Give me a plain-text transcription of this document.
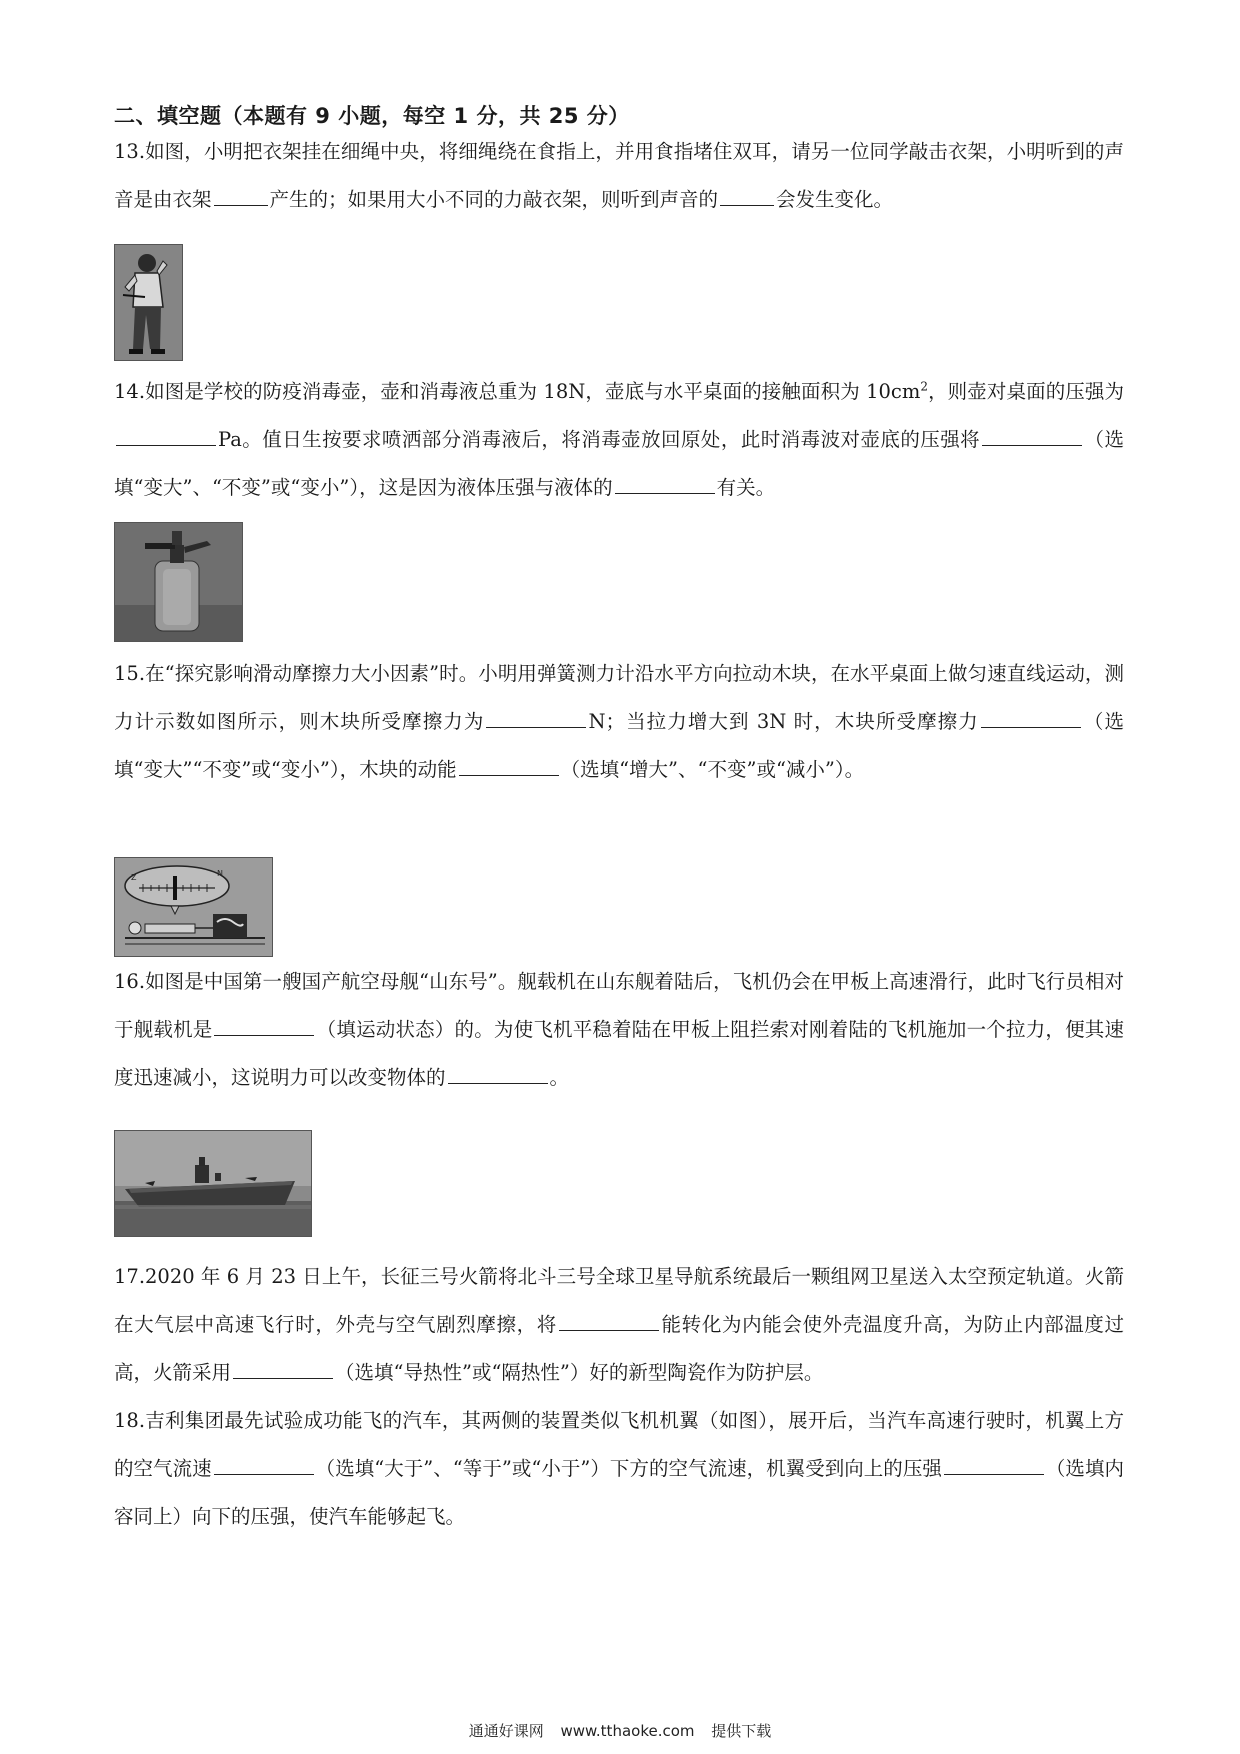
二、填空题（本题有 9 小题，每空 1 分，共 25 分）
13.如图，小明把衣架挂在细绳中央，将细绳绕在食指上，并用食指堵住双耳，请另一位同学敲击衣架，小明听到的声音是由衣架	产生的；如果用大小不同的力敲衣架，则听到声音的	会发生变化。
14.如图是学校的防疫消毒壶，壶和消毒液总重为 18N，壶底与水平桌面的接触面积为 $10cm^2$，则壶对桌面的压强为Pa。值日生按要求喷洒部分消毒液后，将消毒壶放回原处，此时消毒波对壶底的压强将	（选填“变大”、“不变”或“变小”），这是因为液体压强与液体的	有关。
15.在“探究影响滑动摩擦力大小因素”时。小明用弹簧测力计沿水平方向拉动木块，在水平桌面上做匀速直线运动，测力计示数如图所示，则木块所受摩擦力为	N；当拉力增大到 3N 时，木块所受摩擦力	（选填“变大”“不变”或“变小”），木块的动能	（选填“增大”、“不变”或“减小”）。
Z	N
16.如图是中国第一艘国产航空母舰“山东号”。舰载机在山东舰着陆后，飞机仍会在甲板上高速滑行，此时飞行员相对于舰载机是	（填运动状态）的。为使飞机平稳着陆在甲板上阻拦索对刚着陆的飞机施加一个拉力，便其速度迅速减小，这说明力可以改变物体的	。
17.2020 年 6 月 23 日上午，长征三号火箭将北斗三号全球卫星导航系统最后一颗组网卫星送入太空预定轨道。火箭在大气层中高速飞行时，外壳与空气剧烈摩擦，将	能转化为内能会使外壳温度升高，为防止内部温度过高，火箭采用	（选填“导热性”或“隔热性”）好的新型陶瓷作为防护层。
18.吉利集团最先试验成功能飞的汽车，其两侧的装置类似飞机机翼（如图），展开后，当汽车高速行驶时，机翼上方的空气流速	（选填“大于”、“等于”或“小于”）下方的空气流速，机翼受到向上的压强	（选填内容同上）向下的压强，使汽车能够起飞。
通通好课网 www.tthaoke.com 提供下载
